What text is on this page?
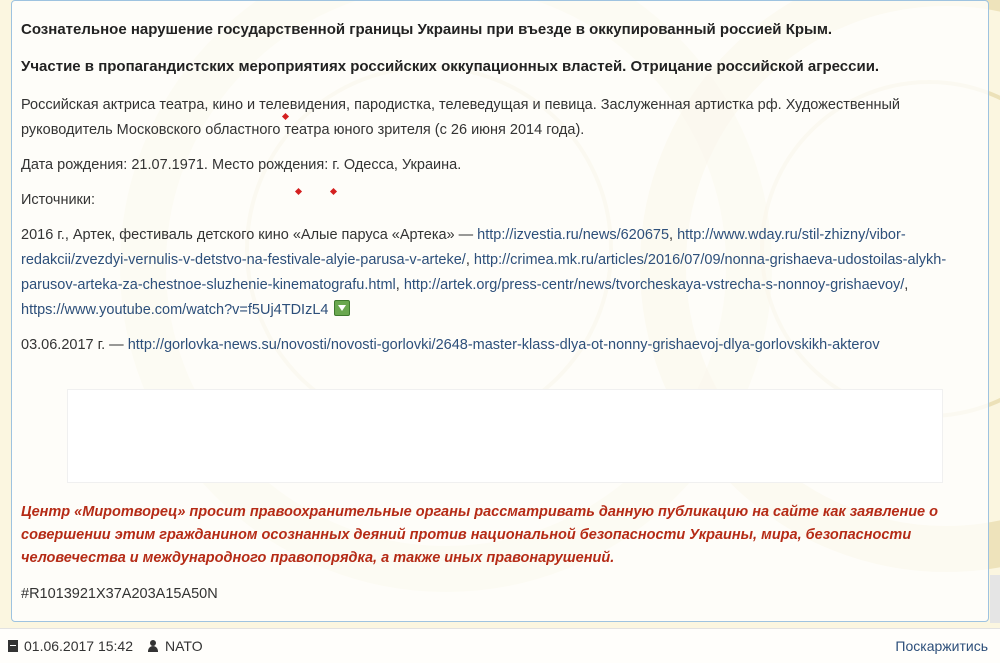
Сознательное нарушение государственной границы Украины при въезде в оккупированный россией Крым.

Участие в пропагандистских мероприятиях российских оккупационных властей. Отрицание российской агрессии.

Российская актриса театра, кино и телевидения, пародистка, телеведущая и певица. Заслуженная артистка рф. Художественный руководитель Московского областного театра юного зрителя (с 26 июня 2014 года).

Дата рождения: 21.07.1971. Место рождения: г. Одесса, Украина.

Источники:

2016 г., Артек, фестиваль детского кино «Алые паруса «Артека» — http://izvestia.ru/news/620675, http://www.wday.ru/stil-zhizny/vibor-redakcii/zvezdyi-vernulis-v-detstvo-na-festivale-alyie-parusa-v-arteke/, http://crimea.mk.ru/articles/2016/07/09/nonna-grishaeva-udostoilas-alykh-parusov-arteka-za-chestnoe-sluzhenie-kinematografu.html, http://artek.org/press-centr/news/tvorcheskaya-vstrecha-s-nonnoy-grishaevoy/, https://www.youtube.com/watch?v=f5Uj4TDIzL4

03.06.2017 г. — http://gorlovka-news.su/novosti/novosti-gorlovki/2648-master-klass-dlya-ot-nonny-grishaevoj-dlya-gorlovskikh-akterov

Центр «Миротворец» просит правоохранительные органы рассматривать данную публикацию на сайте как заявление о совершении этим гражданином осознанных деяний против национальной безопасности Украины, мира, безопасности человечества и международного правопорядка, а также иных правонарушений.
#R1013921X37A203A15A50N
01.06.2017 15:42 NATO	Поскаржитись
